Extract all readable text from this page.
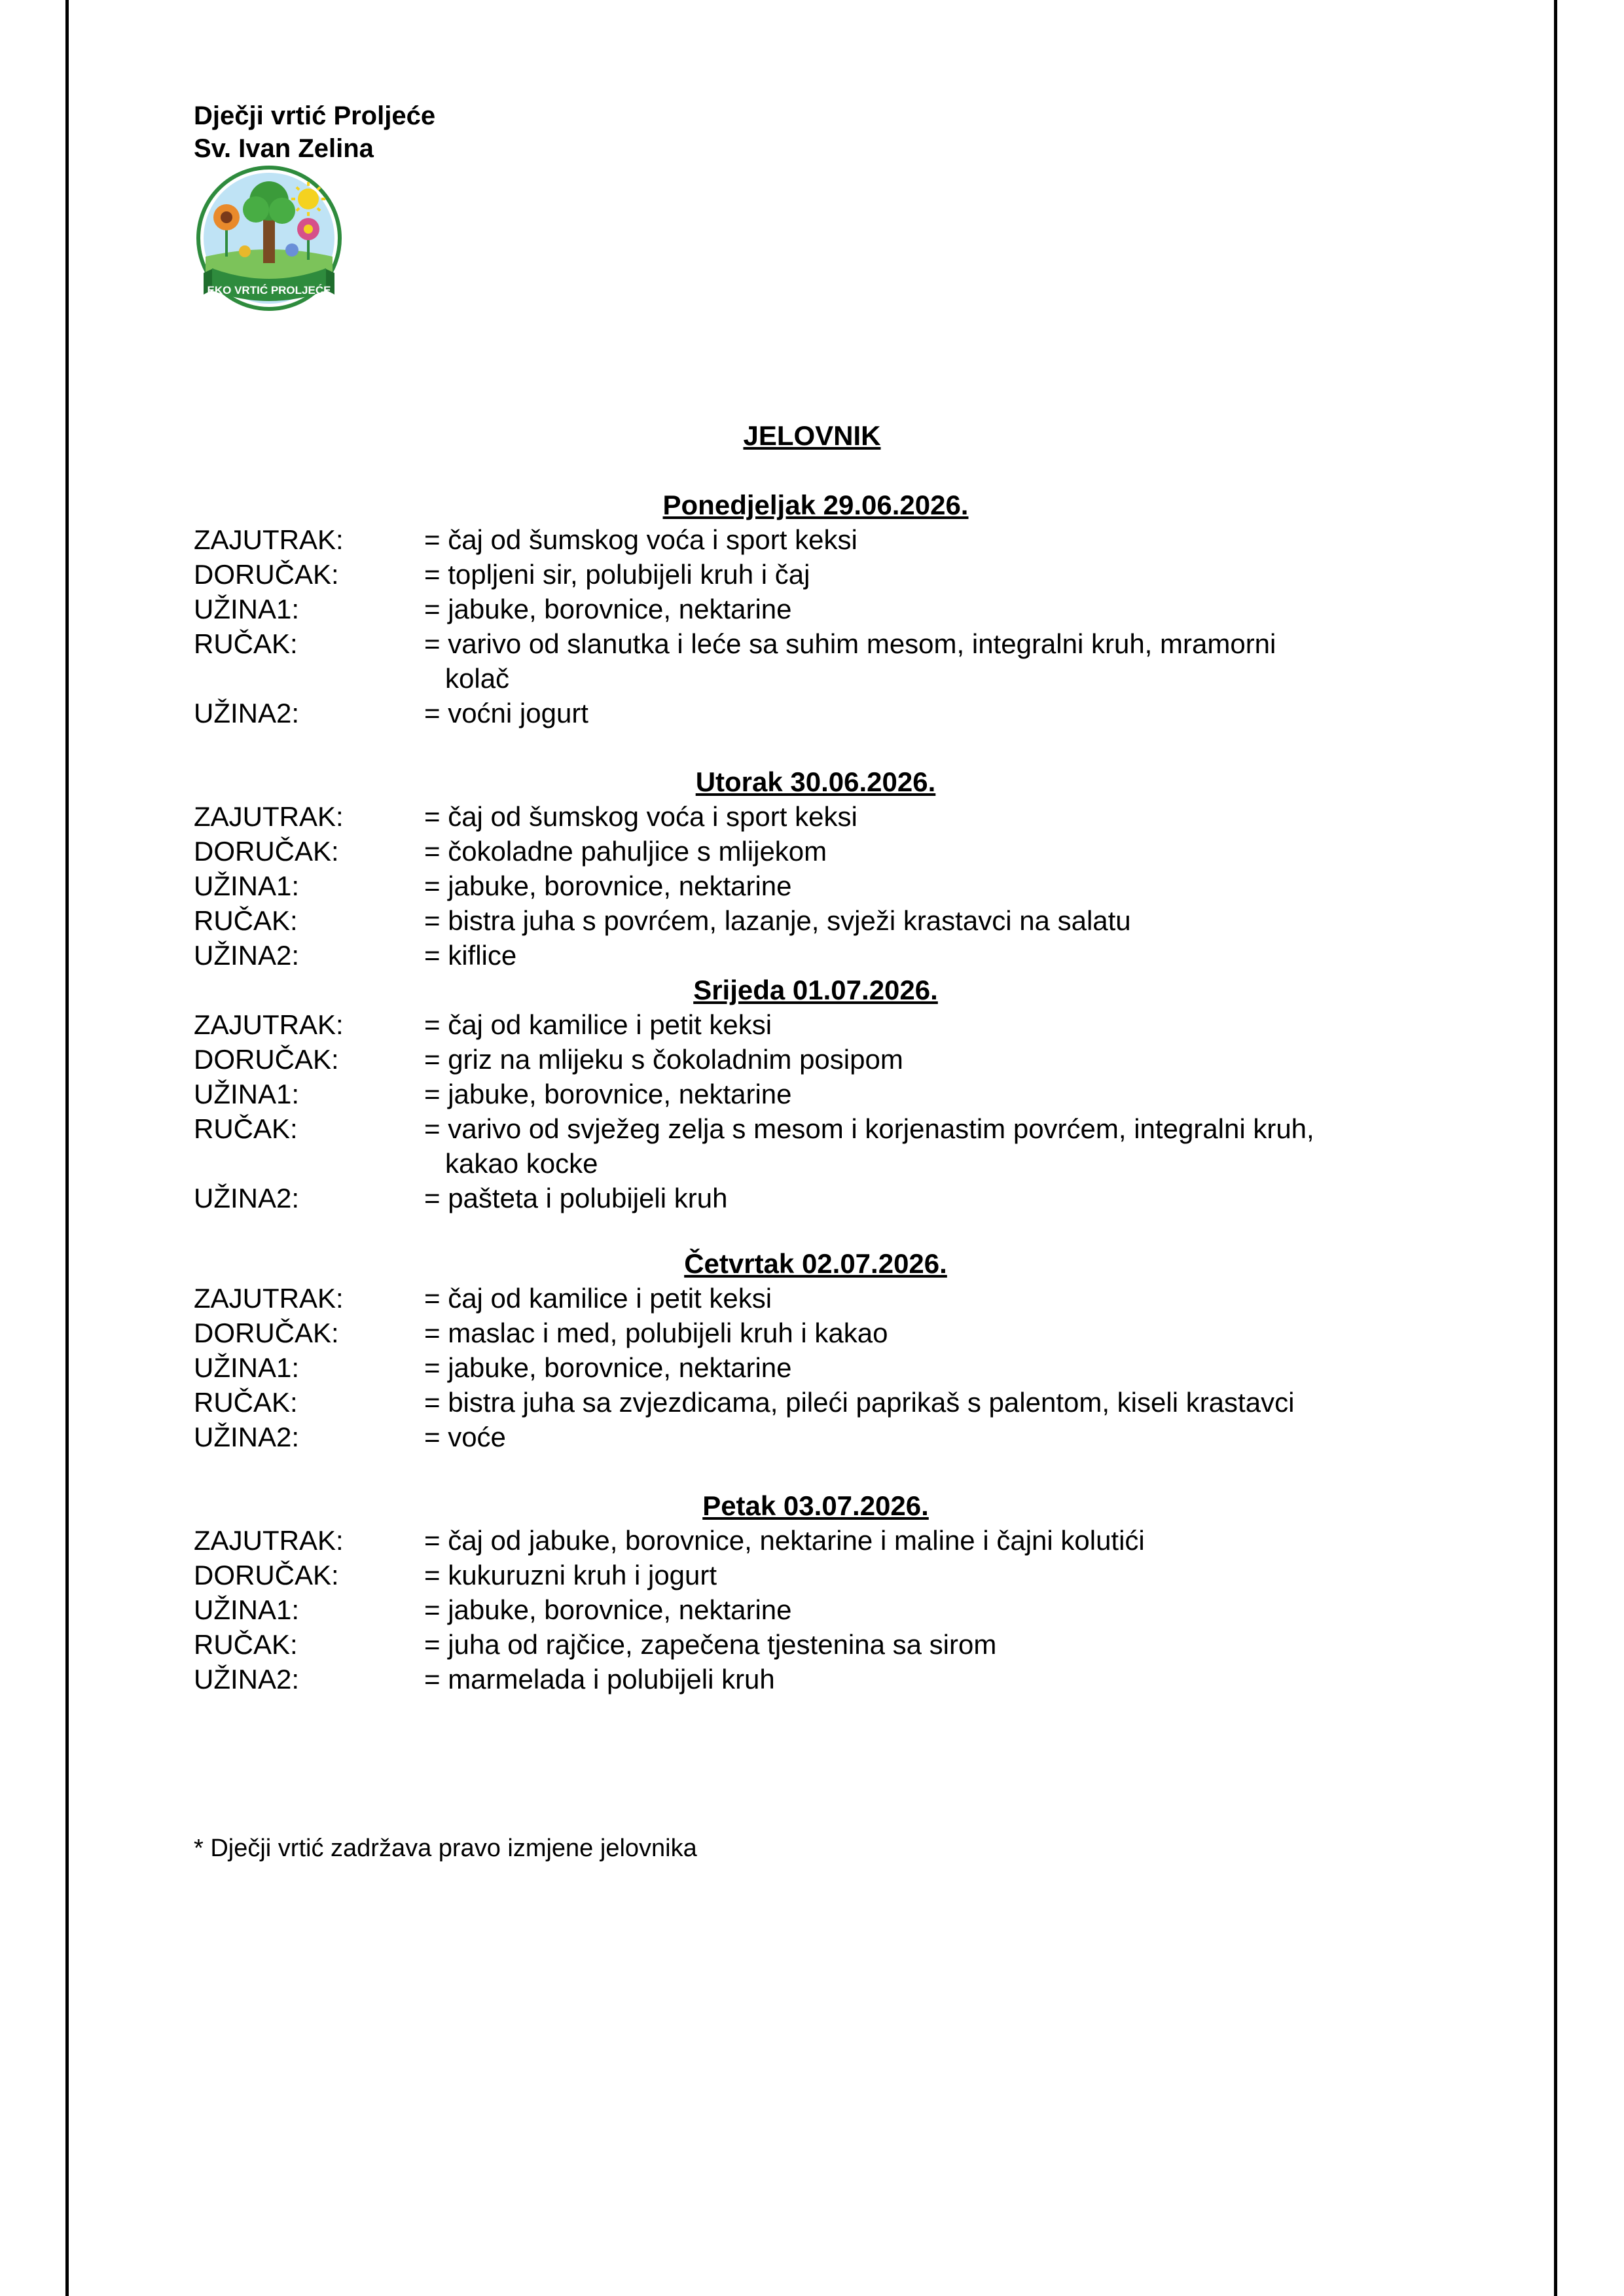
Dječji vrtić Proljeće
Sv. Ivan Zelina
EKO VRTIĆ PROLJEĆE
JELOVNIK
Ponedjeljak 29.06.2026.
ZAJUTRAK:	= čaj od šumskog voća i sport keksi
DORUČAK:	= topljeni sir, polubijeli kruh i čaj
UŽINA1:	= jabuke, borovnice, nektarine
RUČAK:	= varivo od slanutka i leće sa suhim mesom, integralni kruh, mramorni
kolač
UŽINA2:	= voćni jogurt
Utorak 30.06.2026.
ZAJUTRAK:	= čaj od šumskog voća i sport keksi
DORUČAK:	= čokoladne pahuljice s mlijekom
UŽINA1:	= jabuke, borovnice, nektarine
RUČAK:	= bistra juha s povrćem, lazanje, svježi krastavci na salatu
UŽINA2:	= kiflice
Srijeda 01.07.2026.
ZAJUTRAK:	= čaj od kamilice i petit keksi
DORUČAK:	= griz na mlijeku s čokoladnim posipom
UŽINA1:	= jabuke, borovnice, nektarine
RUČAK:	= varivo od svježeg zelja s mesom i korjenastim povrćem, integralni kruh,
kakao kocke
UŽINA2:	= pašteta i polubijeli kruh
Četvrtak 02.07.2026.
ZAJUTRAK:	= čaj od kamilice i petit keksi
DORUČAK:	= maslac i med, polubijeli kruh i kakao
UŽINA1:	= jabuke, borovnice, nektarine
RUČAK:	= bistra juha sa zvjezdicama, pileći paprikaš s palentom, kiseli krastavci
UŽINA2:	= voće
Petak 03.07.2026.
ZAJUTRAK:	= čaj od jabuke, borovnice, nektarine i maline i čajni kolutići
DORUČAK:	= kukuruzni kruh i jogurt
UŽINA1:	= jabuke, borovnice, nektarine
RUČAK:	= juha od rajčice, zapečena tjestenina sa sirom
UŽINA2:	= marmelada i polubijeli kruh
* Dječji vrtić zadržava pravo izmjene jelovnika
